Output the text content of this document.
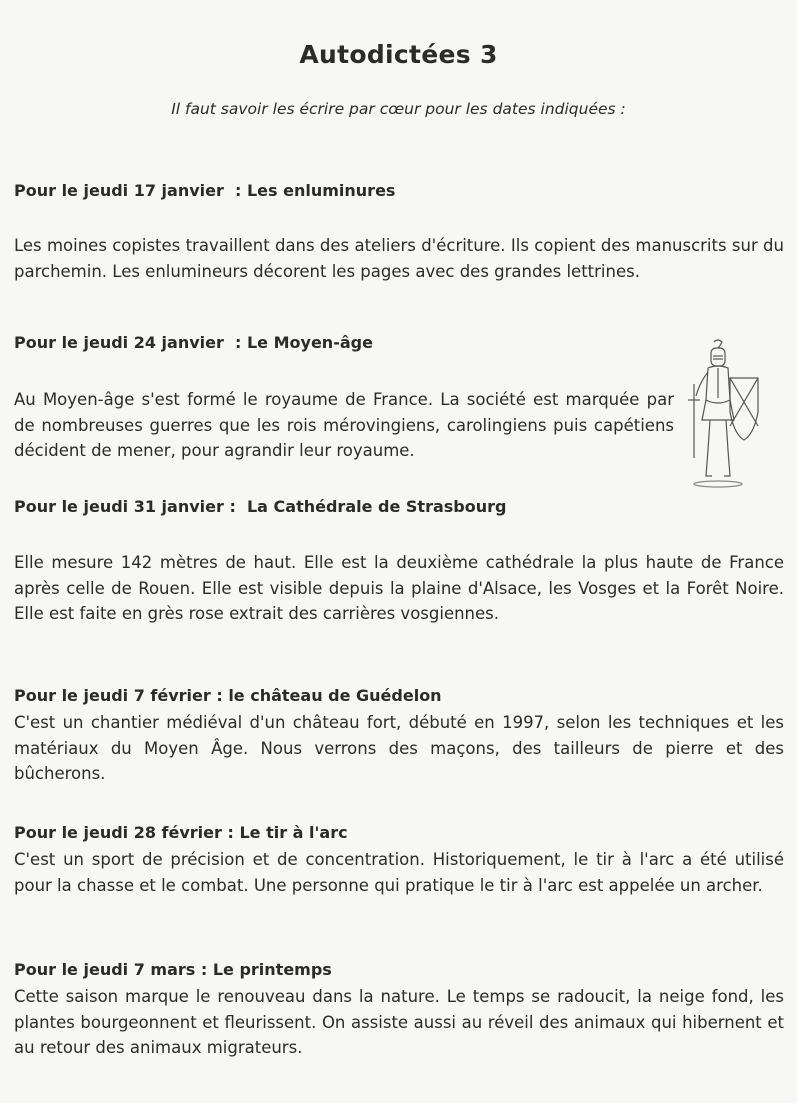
Autodictées 3
Il faut savoir les écrire par cœur pour les dates indiquées :
Pour le jeudi 17 janvier  : Les enluminures
Les moines copistes travaillent dans des ateliers d'écriture. Ils copient des manuscrits sur du parchemin. Les enlumineurs décorent les pages avec des grandes lettrines.
Pour le jeudi 24 janvier  : Le Moyen-âge
Au Moyen-âge s'est formé le royaume de France. La société est marquée par de nombreuses guerres que les rois mérovingiens, carolingiens puis capétiens décident de mener, pour agrandir leur royaume.
Pour le jeudi 31 janvier :  La Cathédrale de Strasbourg
Elle mesure 142 mètres de haut. Elle est la deuxième cathédrale la plus haute de France après celle de Rouen. Elle est visible depuis la plaine d'Alsace, les Vosges et la Forêt Noire. Elle est faite en grès rose extrait des carrières vosgiennes.
Pour le jeudi 7 février : le château de Guédelon
C'est un chantier médiéval d'un château fort, débuté en 1997, selon les techniques et les matériaux du Moyen Âge. Nous verrons des maçons, des tailleurs de pierre et des bûcherons.
Pour le jeudi 28 février : Le tir à l'arc
C'est un sport de précision et de concentration. Historiquement, le tir à l'arc a été utilisé pour la chasse et le combat. Une personne qui pratique le tir à l'arc est appelée un archer.
Pour le jeudi 7 mars : Le printemps
Cette saison marque le renouveau dans la nature. Le temps se radoucit, la neige fond, les plantes bourgeonnent et fleurissent. On assiste aussi au réveil des animaux qui hibernent et au retour des animaux migrateurs.
